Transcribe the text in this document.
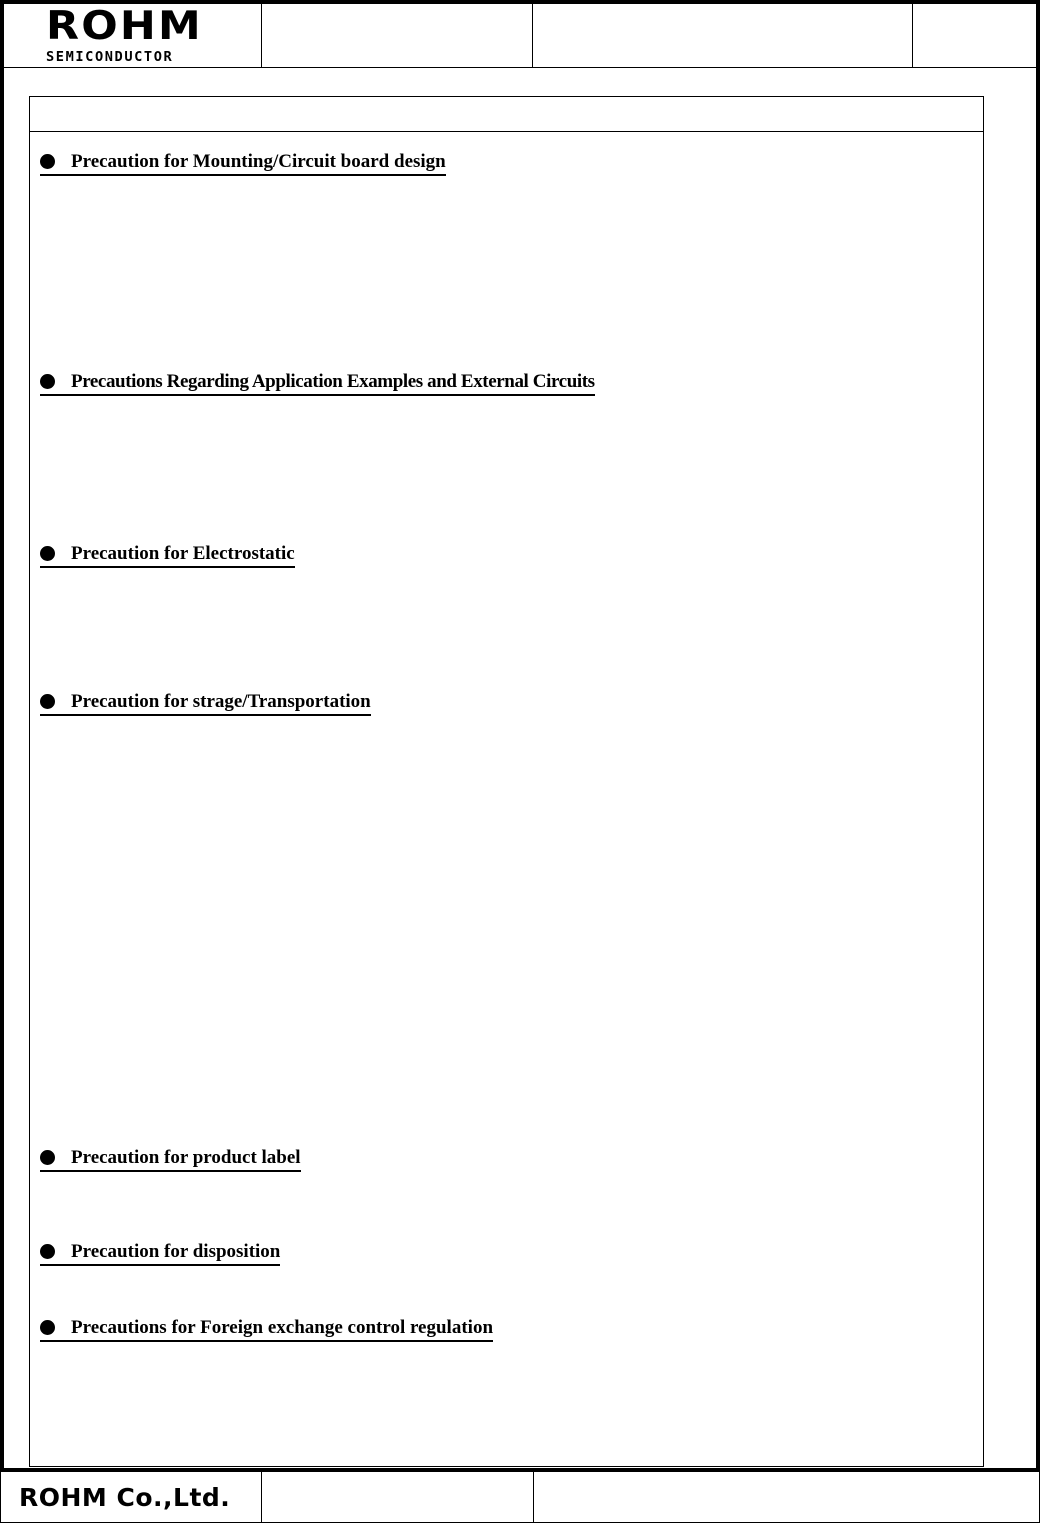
ROHM
SEMICONDUCTOR
Precaution for Mounting/Circuit board design
Precautions Regarding Application Examples and External Circuits
Precaution for Electrostatic
Precaution for strage/Transportation
Precaution for product label
Precaution for disposition
Precautions for Foreign exchange control regulation
ROHM Co.,Ltd.
